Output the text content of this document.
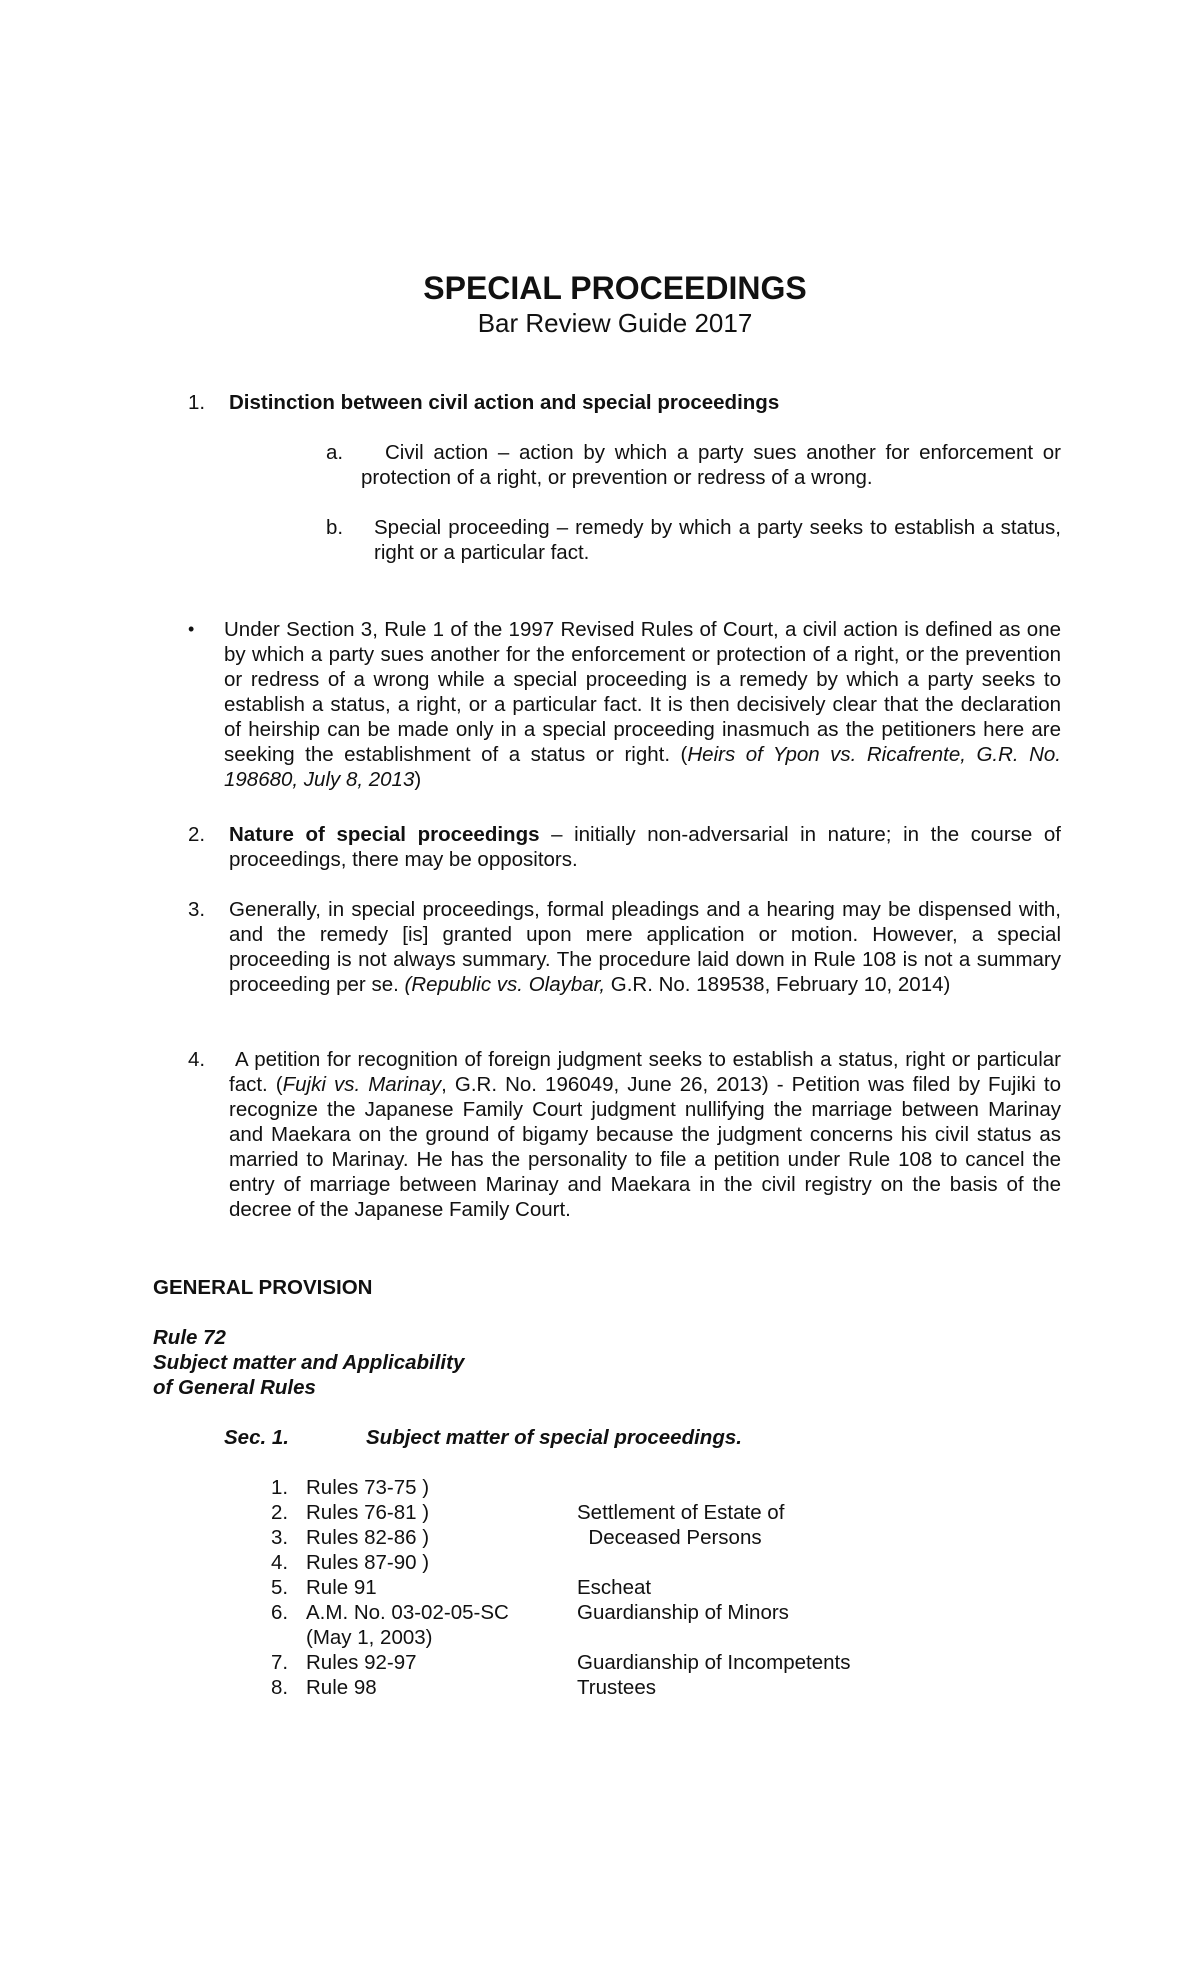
SPECIAL PROCEEDINGS
Bar Review Guide 2017
1. Distinction between civil action and special proceedings
a.	Civil action – action by which a party sues another for enforcement or protection of a right, or prevention or redress of a wrong.
b. Special proceeding – remedy by which a party seeks to establish a status, right or a particular fact.
• Under Section 3, Rule 1 of the 1997 Revised Rules of Court, a civil action is defined as one by which a party sues another for the enforcement or protection of a right, or the prevention or redress of a wrong while a special proceeding is a remedy by which a party seeks to establish a status, a right, or a particular fact. It is then decisively clear that the declaration of heirship can be made only in a special proceeding inasmuch as the petitioners here are seeking the establishment of a status or right. (Heirs of Ypon vs. Ricafrente, G.R. No. 198680, July 8, 2013)
2. Nature of special proceedings – initially non-adversarial in nature; in the course of proceedings, there may be oppositors.
3. Generally, in special proceedings, formal pleadings and a hearing may be dispensed with, and the remedy [is] granted upon mere application or motion. However, a special proceeding is not always summary. The procedure laid down in Rule 108 is not a summary proceeding per se. (Republic vs. Olaybar, G.R. No. 189538, February 10, 2014)
4. A petition for recognition of foreign judgment seeks to establish a status, right or particular fact. (Fujki vs. Marinay, G.R. No. 196049, June 26, 2013) - Petition was filed by Fujiki to recognize the Japanese Family Court judgment nullifying the marriage between Marinay and Maekara on the ground of bigamy because the judgment concerns his civil status as married to Marinay. He has the personality to file a petition under Rule 108 to cancel the entry of marriage between Marinay and Maekara in the civil registry on the basis of the decree of the Japanese Family Court.
GENERAL PROVISION
Rule 72
Subject matter and Applicability
of General Rules
Sec. 1.	Subject matter of special proceedings.
1. Rules 73-75 )
2. Rules 76-81 )	Settlement of Estate of
3. Rules 82-86 )	Deceased Persons
4. Rules 87-90 )
5. Rule 91	Escheat
6. A.M. No. 03-02-05-SC	Guardianship of Minors
(May 1, 2003)
7. Rules 92-97	Guardianship of Incompetents
8. Rule 98	Trustees
